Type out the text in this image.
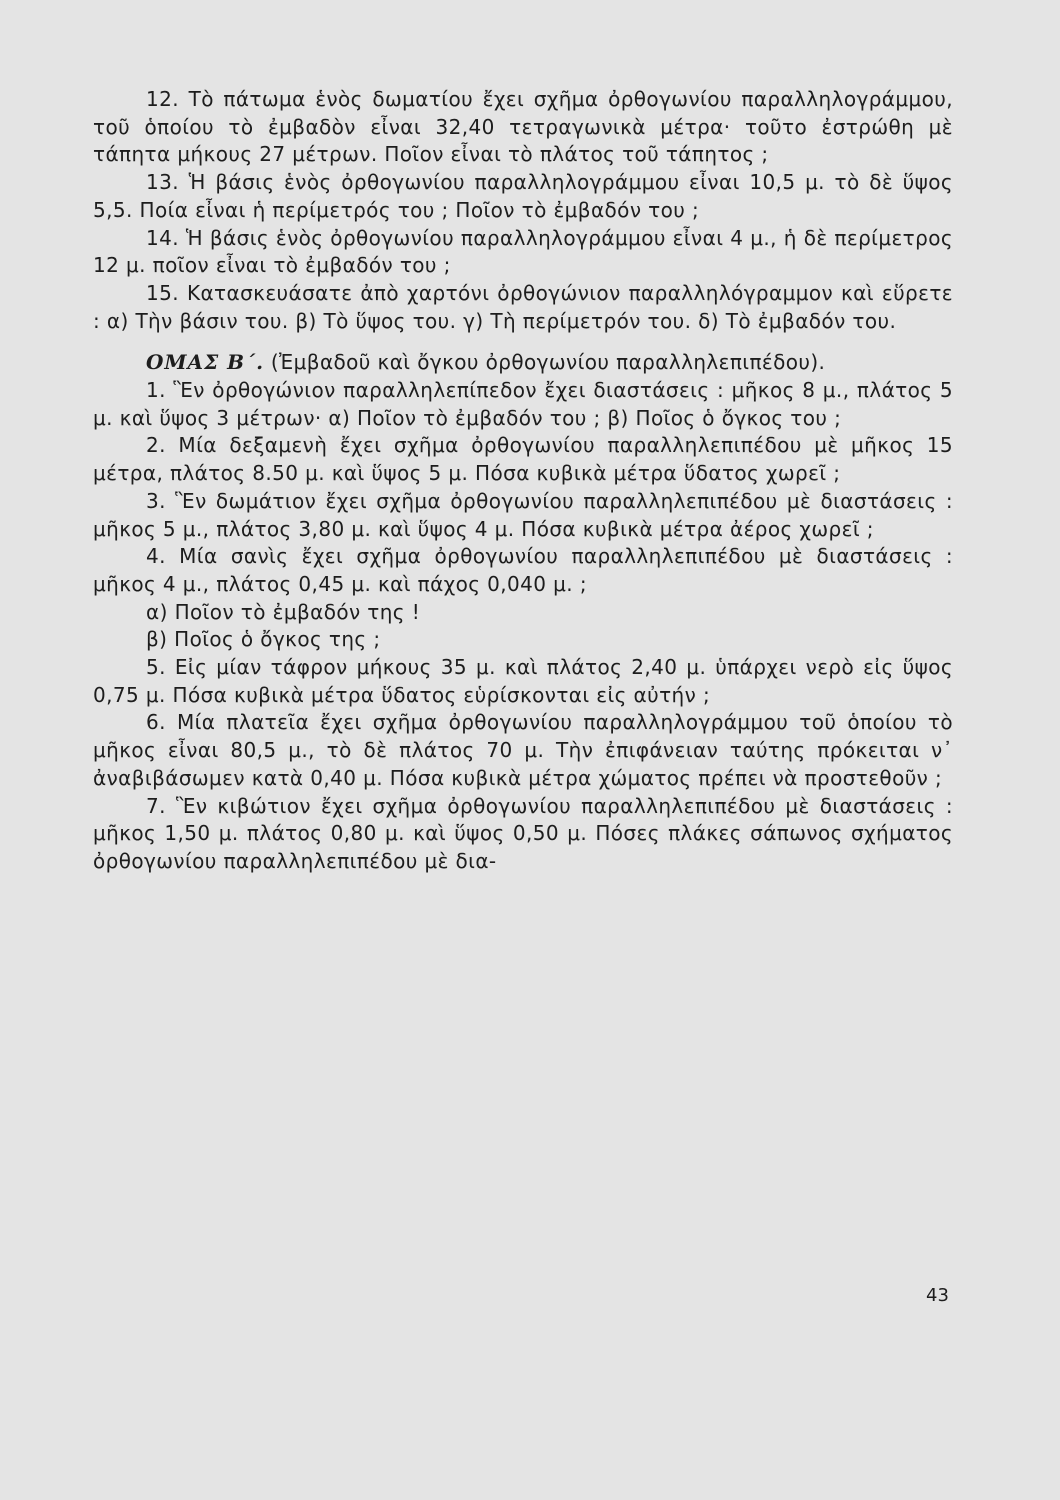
12. Τὸ πάτωμα ἑνὸς δωματίου ἔχει σχῆμα ὀρθογωνίου παραλληλογράμμου, τοῦ ὁποίου τὸ ἐμβαδὸν εἶναι 32,40 τετραγωνικὰ μέτρα· τοῦτο ἐστρώθη μὲ τάπητα μήκους 27 μέτρων. Ποῖον εἶναι τὸ πλάτος τοῦ τάπητος ;

13. Ἡ βάσις ἑνὸς ὀρθογωνίου παραλληλογράμμου εἶναι 10,5 μ. τὸ δὲ ὕψος 5,5. Ποία εἶναι ἡ περίμετρός του ; Ποῖον τὸ ἐμβαδόν του ;

14. Ἡ βάσις ἑνὸς ὀρθογωνίου παραλληλογράμμου εἶναι 4 μ., ἡ δὲ περίμετρος 12 μ. ποῖον εἶναι τὸ ἐμβαδόν του ;

15. Κατασκευάσατε ἀπὸ χαρτόνι ὀρθογώνιον παραλληλόγραμμον καὶ εὕρετε : α) Τὴν βάσιν του. β) Τὸ ὕψος του. γ) Τὴ περίμετρόν του. δ) Τὸ ἐμβαδόν του.

ΟΜΑΣ Β΄. (Ἐμβαδοῦ καὶ ὄγκου ὀρθογωνίου παραλληλεπιπέδου).

1. Ἓν ὀρθογώνιον παραλληλεπίπεδον ἔχει διαστάσεις : μῆκος 8 μ., πλάτος 5 μ. καὶ ὕψος 3 μέτρων· α) Ποῖον τὸ ἐμβαδόν του ; β) Ποῖος ὁ ὄγκος του ;

2. Μία δεξαμενὴ ἔχει σχῆμα ὀρθογωνίου παραλληλεπιπέδου μὲ μῆκος 15 μέτρα, πλάτος 8.50 μ. καὶ ὕψος 5 μ. Πόσα κυβικὰ μέτρα ὕδατος χωρεῖ ;

3. Ἓν δωμάτιον ἔχει σχῆμα ὀρθογωνίου παραλληλεπιπέδου μὲ διαστάσεις : μῆκος 5 μ., πλάτος 3,80 μ. καὶ ὕψος 4 μ. Πόσα κυβικὰ μέτρα ἀέρος χωρεῖ ;

4. Μία σανὶς ἔχει σχῆμα ὀρθογωνίου παραλληλεπιπέδου μὲ διαστάσεις : μῆκος 4 μ., πλάτος 0,45 μ. καὶ πάχος 0,040 μ. ;

α) Ποῖον τὸ ἐμβαδόν της !

β) Ποῖος ὁ ὄγκος της ;

5. Εἰς μίαν τάφρον μήκους 35 μ. καὶ πλάτος 2,40 μ. ὑπάρχει νερὸ εἰς ὕψος 0,75 μ. Πόσα κυβικὰ μέτρα ὕδατος εὑρίσκονται εἰς αὐτήν ;

6. Μία πλατεῖα ἔχει σχῆμα ὀρθογωνίου παραλληλογράμμου τοῦ ὁποίου τὸ μῆκος εἶναι 80,5 μ., τὸ δὲ πλάτος 70 μ. Τὴν ἐπιφάνειαν ταύτης πρόκειται ν᾽ ἀναβιβάσωμεν κατὰ 0,40 μ. Πόσα κυβικὰ μέτρα χώματος πρέπει νὰ προστεθοῦν ;

7. Ἓν κιβώτιον ἔχει σχῆμα ὀρθογωνίου παραλληλεπιπέδου μὲ διαστάσεις : μῆκος 1,50 μ. πλάτος 0,80 μ. καὶ ὕψος 0,50 μ. Πόσες πλάκες σάπωνος σχήματος ὀρθογωνίου παραλληλεπιπέδου μὲ δια-

43
